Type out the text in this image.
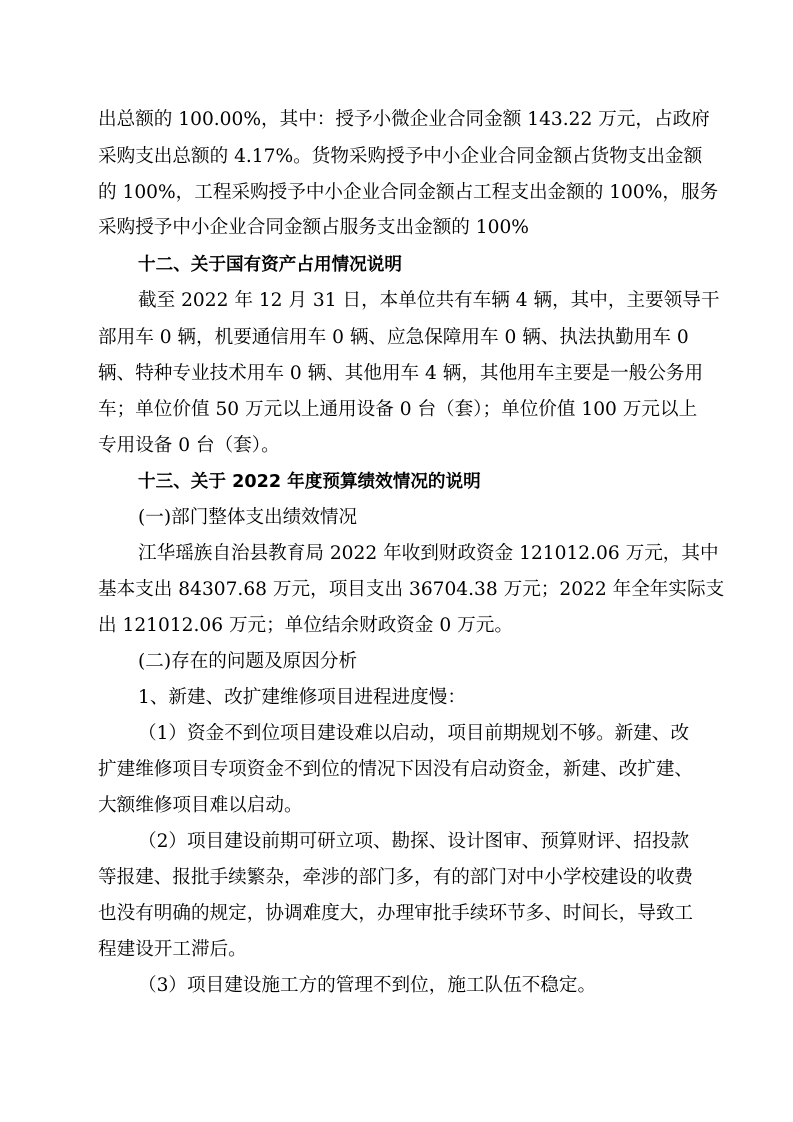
出总额的 100.00%，其中：授予小微企业合同金额 143.22 万元，占政府
采购支出总额的 4.17%。货物采购授予中小企业合同金额占货物支出金额
的 100%，工程采购授予中小企业合同金额占工程支出金额的 100%，服务
采购授予中小企业合同金额占服务支出金额的 100%
十二、关于国有资产占用情况说明
截至 2022 年 12 月 31 日，本单位共有车辆 4 辆，其中，主要领导干
部用车 0 辆，机要通信用车 0 辆、应急保障用车 0 辆、执法执勤用车 0
辆、特种专业技术用车 0 辆、其他用车 4 辆，其他用车主要是一般公务用
车；单位价值 50 万元以上通用设备 0 台（套）；单位价值 100 万元以上
专用设备 0 台（套）。
十三、关于 2022 年度预算绩效情况的说明
(一)部门整体支出绩效情况
江华瑶族自治县教育局 2022 年收到财政资金 121012.06 万元，其中
基本支出 84307.68 万元，项目支出 36704.38 万元；2022 年全年实际支
出 121012.06 万元；单位结余财政资金 0 万元。
(二)存在的问题及原因分析
1、新建、改扩建维修项目进程进度慢：
（1）资金不到位项目建设难以启动，项目前期规划不够。新建、改
扩建维修项目专项资金不到位的情况下因没有启动资金，新建、改扩建、
大额维修项目难以启动。
（2）项目建设前期可研立项、勘探、设计图审、预算财评、招投款
等报建、报批手续繁杂，牵涉的部门多，有的部门对中小学校建设的收费
也没有明确的规定，协调难度大，办理审批手续环节多、时间长，导致工
程建设开工滞后。
（3）项目建设施工方的管理不到位，施工队伍不稳定。
